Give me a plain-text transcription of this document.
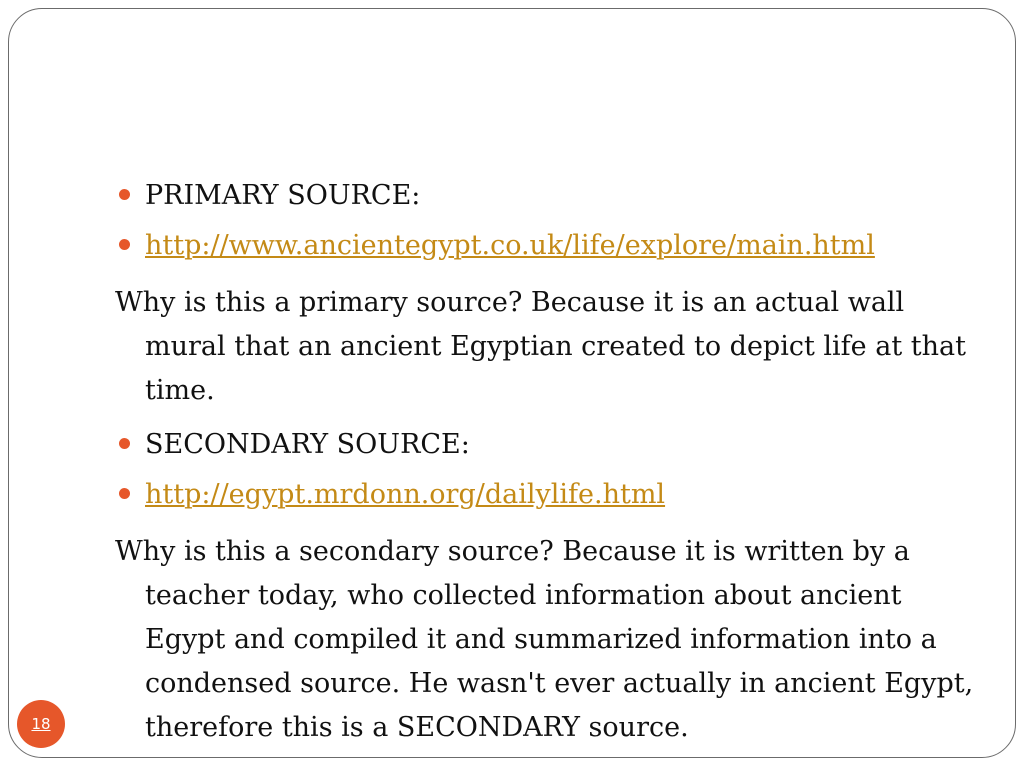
PRIMARY SOURCE:
http://www.ancientegypt.co.uk/life/explore/main.html
Why is this a primary source? Because it is an actual wall mural that an ancient Egyptian created to depict life at that time.
SECONDARY SOURCE:
http://egypt.mrdonn.org/dailylife.html
Why is this a secondary source? Because it is written by a teacher today, who collected information about ancient Egypt and compiled it and summarized information into a condensed source. He wasn't ever actually in ancient Egypt, therefore this is a SECONDARY source.
18
